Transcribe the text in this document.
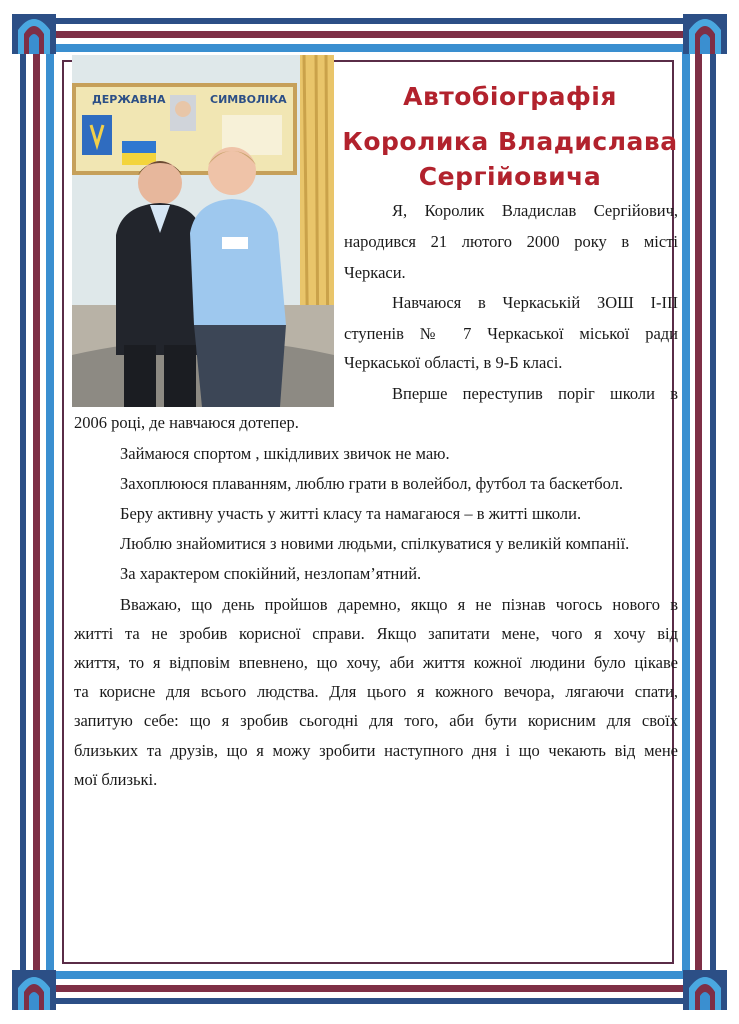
ДЕРЖАВНА	СИМВОЛІКА	Автобіографія
Королика Владислава
Сергійовича
Я, Королик Владислав Сергійович,
народився 21 лютого 2000 року в місті
Черкаси.
Навчаюся в Черкаській ЗОШ І-ІІІ
ступенів № 7 Черкаської міської ради
Черкаської області, в 9-Б класі.
Вперше переступив поріг школи в
2006 році, де навчаюся дотепер.
Займаюся спортом , шкідливих звичок не маю.
Захоплююся плаванням, люблю грати в волейбол, футбол та баскетбол.
Беру активну участь у житті класу та намагаюся – в житті школи.
Люблю знайомитися з новими людьми, спілкуватися у великій компанії.
За характером спокійний, незлопам’ятний.
Вважаю, що день пройшов даремно, якщо я не пізнав чогось нового в
житті та не зробив корисної справи. Якщо запитати мене, чого я хочу від
життя, то я відповім впевнено, що хочу, аби життя кожної людини було цікаве
та корисне для всього людства. Для цього я кожного вечора, лягаючи спати,
запитую себе: що я зробив сьогодні для того, аби бути корисним для своїх
близьких та друзів, що я можу зробити наступного дня і що чекають від мене
мої близькі.
